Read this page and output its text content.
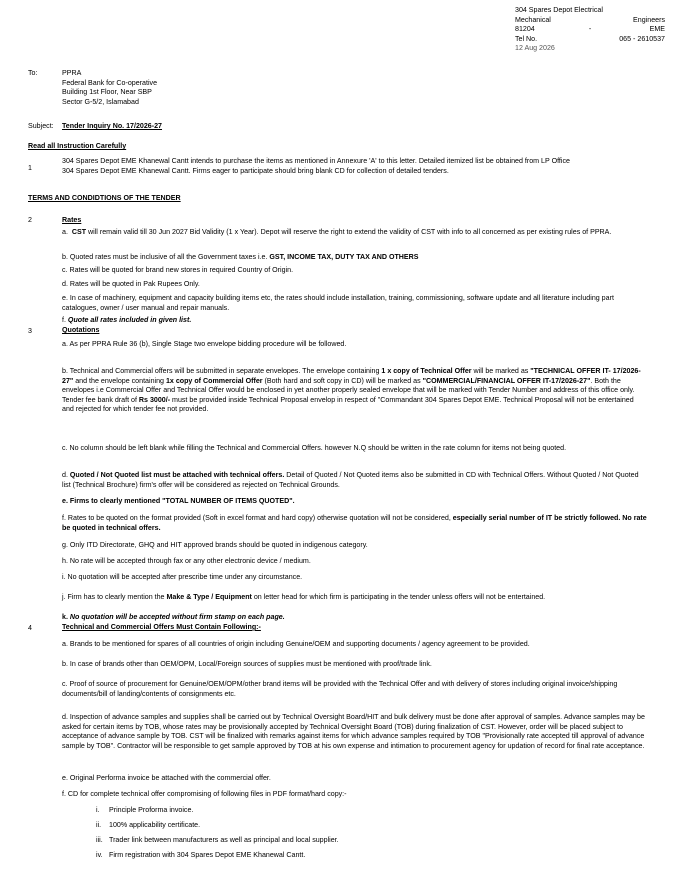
304 Spares Depot Electrical
Mechanical	Engineers
81204	-	EME
Tel No.	065 - 2610537
12 Aug 2026
To:	PPRA
Federal Bank for Co-operative
Building 1st Floor, Near SBP
Sector G-5/2, Islamabad
Subject: Tender Inquiry No. 17/2026-27
Read all Instruction Carefully
1
304 Spares Depot EME Khanewal Cantt intends to purchase the items as mentioned in Annexure 'A' to this letter. Detailed itemized list be obtained from LP Office
304 Spares Depot EME Khanewal Cantt. Firms eager to participate should bring blank CD for collection of detailed tenders.
TERMS AND CONDIDTIONS OF THE TENDER
2	Rates
a. CST will remain valid till 30 Jun 2027 Bid Validity (1 x Year). Depot will reserve the right to extend the validity of CST with info to all concerned as per existing rules of PPRA.
b. Quoted rates must be inclusive of all the Government taxes i.e. GST, INCOME TAX, DUTY TAX AND OTHERS
c. Rates will be quoted for brand new stores in required Country of Origin.
d. Rates will be quoted in Pak Rupees Only.
e. In case of machinery, equipment and capacity building items etc, the rates should include installation, training, commissioning, software update and all literature including part catalogues, owner / user manual and repair manuals.
f. Quote all rates included in given list.
3	Quotations
a. As per PPRA Rule 36 (b), Single Stage two envelope bidding procedure will be followed.
b. Technical and Commercial offers will be submitted in separate envelopes. The envelope containing 1 x copy of Technical Offer will be marked as "TECHNICAL OFFER IT- 17/2026-27" and the envelope containing 1x copy of Commercial Offer (Both hard and soft copy in CD) will be marked as "COMMERCIAL/FINANCIAL OFFER IT-17/2026-27". Both the envelopes i.e Commercial Offer and Technical Offer would be enclosed in yet another properly sealed envelope that will be marked with Tender Number and address of this office only. Tender fee bank draft of Rs 3000/- must be provided inside Technical Proposal envelop in respect of "Commandant 304 Spares Depot EME. Technical Proposal will not be entertained and rejected for which tender fee not provided.
c. No column should be left blank while filling the Technical and Commercial Offers. however N.Q should be written in the rate column for items not being quoted.
d. Quoted / Not Quoted list must be attached with technical offers. Detail of Quoted / Not Quoted items also be submitted in CD with Technical Offers. Without Quoted / Not Quoted list (Technical Brochure) firm's offer will be considered as rejected on Technical Grounds.
e. Firms to clearly mentioned "TOTAL NUMBER OF ITEMS QUOTED".
f. Rates to be quoted on the format provided (Soft in excel format and hard copy) otherwise quotation will not be considered, especially serial number of IT be strictly followed. No rate be quoted in technical offers.
g. Only ITD Directorate, GHQ and HIT approved brands should be quoted in indigenous category.
h. No rate will be accepted through fax or any other electronic device / medium.
i. No quotation will be accepted after prescribe time under any circumstance.
j. Firm has to clearly mention the Make & Type / Equipment on letter head for which firm is participating in the tender unless offers will not be entertained.
k. No quotation will be accepted without firm stamp on each page.
4	Technical and Commercial Offers Must Contain Following:-
a. Brands to be mentioned for spares of all countries of origin including Genuine/OEM and supporting documents / agency agreement to be provided.
b. In case of brands other than OEM/OPM, Local/Foreign sources of supplies must be mentioned with proof/trade link.
c. Proof of source of procurement for Genuine/OEM/OPM/other brand items will be provided with the Technical Offer and with delivery of stores including original invoice/shipping documents/bill of landing/contents of consignments etc.
d. Inspection of advance samples and supplies shall be carried out by Technical Oversight Board/HIT and bulk delivery must be done after approval of samples. Advance samples may be asked for certain items by TOB, whose rates may be provisionally accepted by Technical Oversight Board (TOB) during finalization of CST. However, order will be placed subject to acceptance of advance sample by TOB. CST will be finalized with remarks against items for which advance samples required by TOB "Provisionally rate accepted till approval of advance sample by TOB". Contractor will be responsible to get sample approved by TOB at his own expense and intimation to procurement agency for updation of record for final rate acceptance.
e. Original Performa invoice be attached with the commercial offer.
f. CD for complete technical offer compromising of following files in PDF format/hard copy:-
i. Principle Proforma invoice.
ii. 100% applicability certificate.
iii. Trader link between manufacturers as well as principal and local supplier.
iv. Firm registration with 304 Spares Depot EME Khanewal Cantt.
